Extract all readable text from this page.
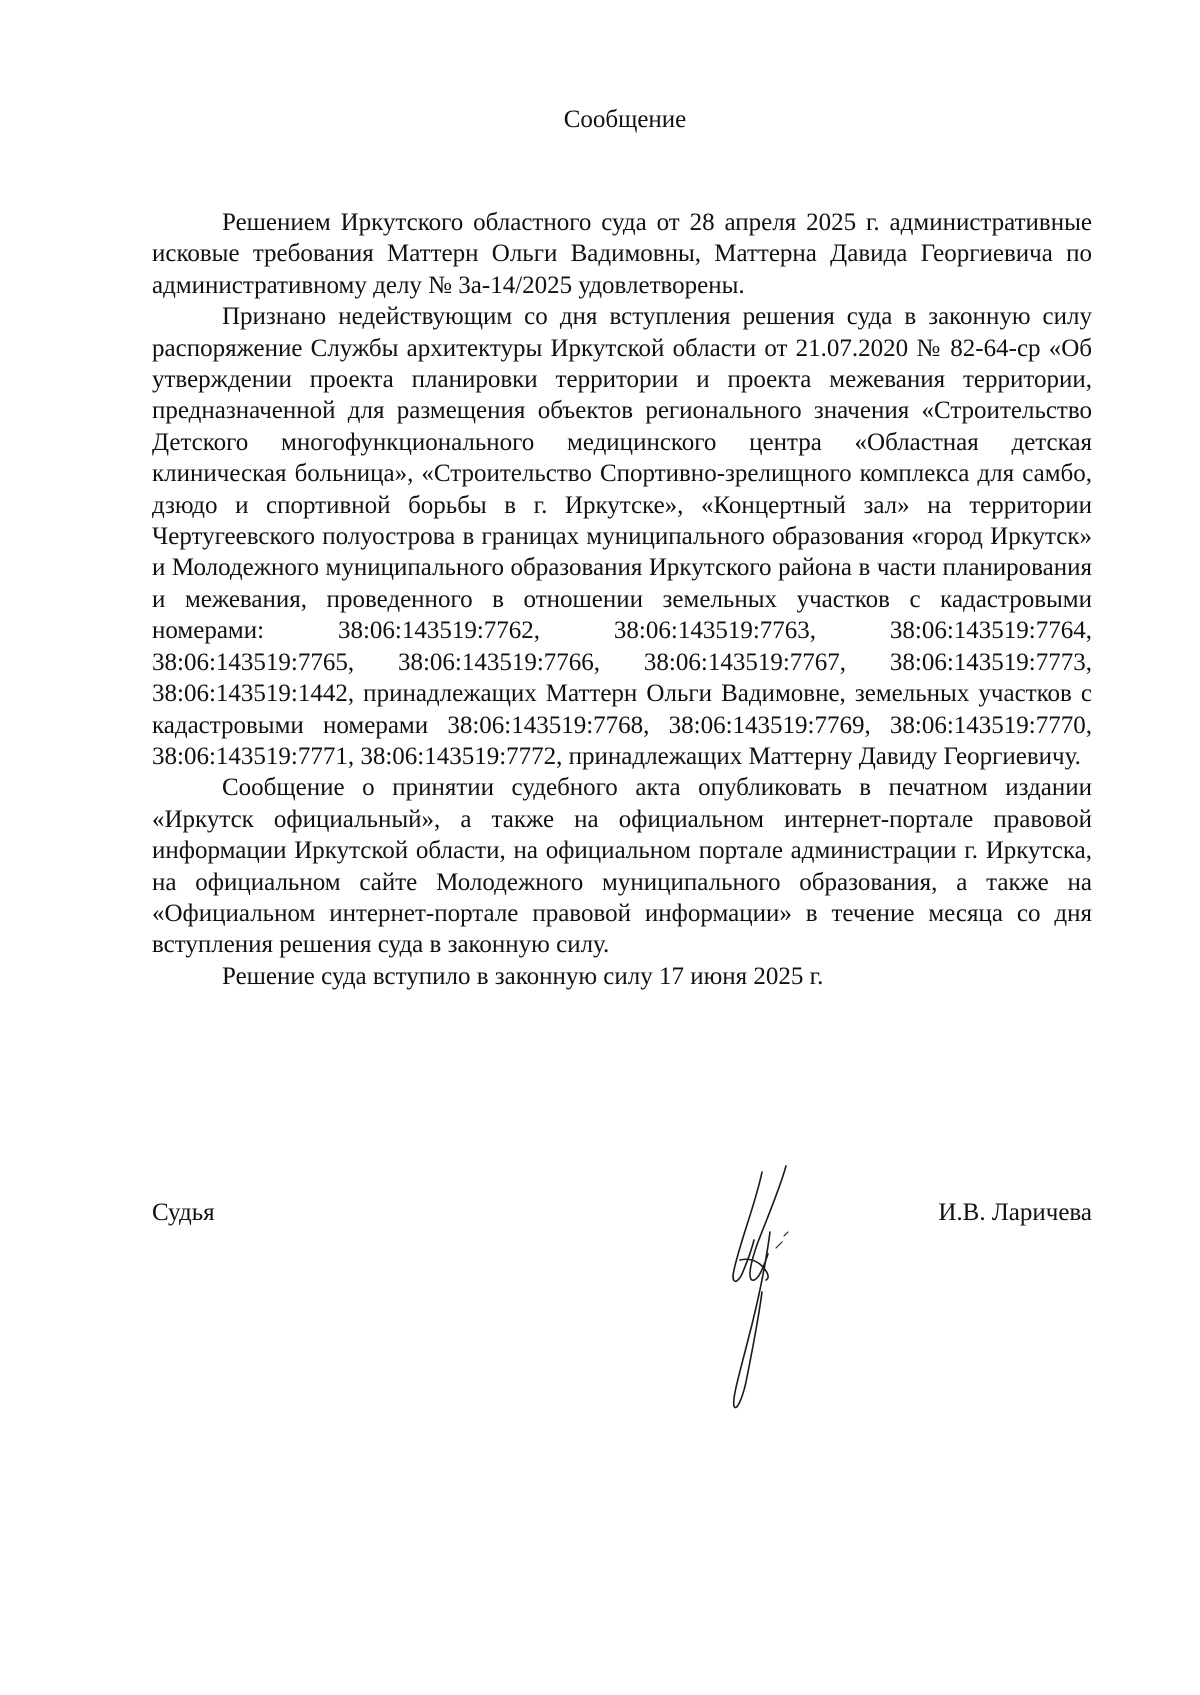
Сообщение

Решением Иркутского областного суда от 28 апреля 2025 г. административные исковые требования Маттерн Ольги Вадимовны, Маттерна Давида Георгиевича по административному делу № 3а-14/2025 удовлетворены.

Признано недействующим со дня вступления решения суда в законную силу распоряжение Службы архитектуры Иркутской области от 21.07.2020 № 82-64-ср «Об утверждении проекта планировки территории и проекта межевания территории, предназначенной для размещения объектов регионального значения «Строительство Детского многофункционального медицинского центра «Областная детская клиническая больница», «Строительство Спортивно-зрелищного комплекса для самбо, дзюдо и спортивной борьбы в г. Иркутске», «Концертный зал» на территории Чертугеевского полуострова в границах муниципального образования «город Иркутск» и Молодежного муниципального образования Иркутского района в части планирования и межевания, проведенного в отношении земельных участков с кадастровыми номерами: 38:06:143519:7762, 38:06:143519:7763, 38:06:143519:7764, 38:06:143519:7765, 38:06:143519:7766, 38:06:143519:7767, 38:06:143519:7773, 38:06:143519:1442, принадлежащих Маттерн Ольги Вадимовне, земельных участков с кадастровыми номерами 38:06:143519:7768, 38:06:143519:7769, 38:06:143519:7770, 38:06:143519:7771, 38:06:143519:7772, принадлежащих Маттерну Давиду Георгиевичу.

Сообщение о принятии судебного акта опубликовать в печатном издании «Иркутск официальный», а также на официальном интернет-портале правовой информации Иркутской области, на официальном портале администрации г. Иркутска, на официальном сайте Молодежного муниципального образования, а также на «Официальном интернет-портале правовой информации» в течение месяца со дня вступления решения суда в законную силу.

Решение суда вступило в законную силу 17 июня 2025 г.

Судья	И.В. Ларичева
